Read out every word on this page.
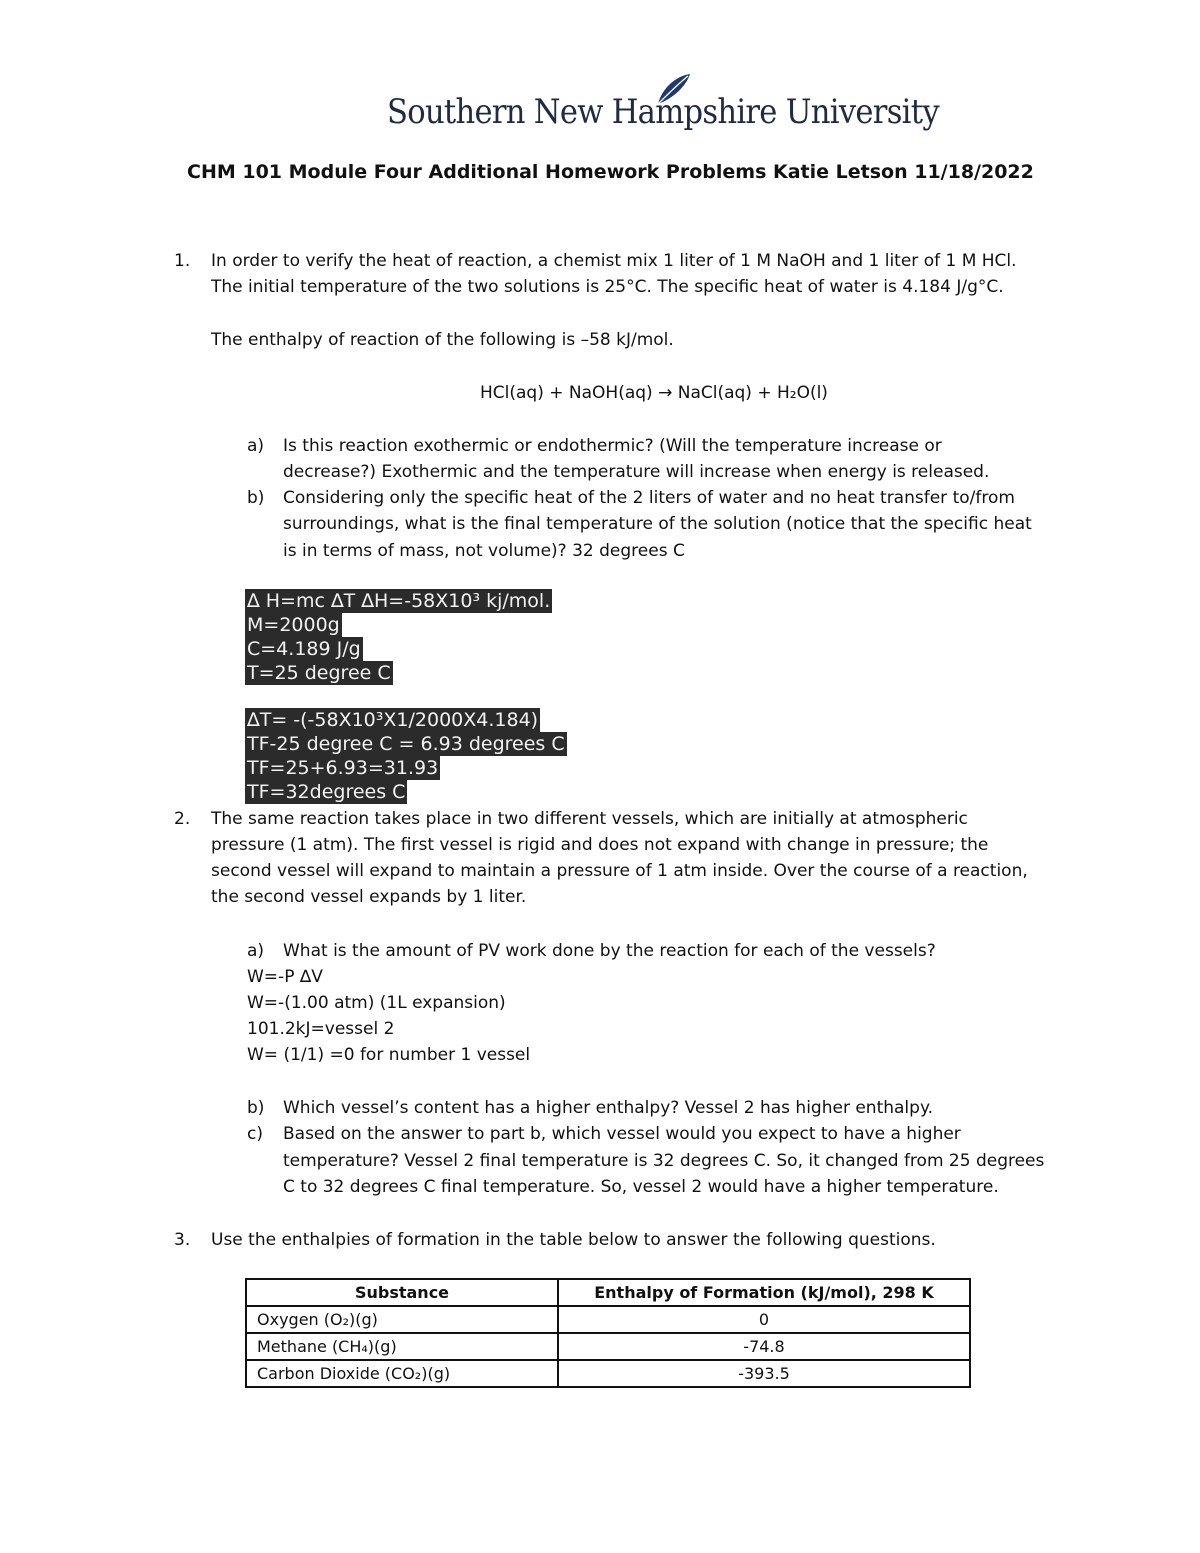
Southern New Hampshire University
CHM 101 Module Four Additional Homework Problems Katie Letson 11/18/2022
1. In order to verify the heat of reaction, a chemist mix 1 liter of 1 M NaOH and 1 liter of 1 M HCl.
The initial temperature of the two solutions is 25°C. The specific heat of water is 4.184 J/g°C.
The enthalpy of reaction of the following is –58 kJ/mol.
HCl(aq) + NaOH(aq) → NaCl(aq) + H₂O(l)
a) Is this reaction exothermic or endothermic? (Will the temperature increase or
decrease?) Exothermic and the temperature will increase when energy is released.
b) Considering only the specific heat of the 2 liters of water and no heat transfer to/from
surroundings, what is the final temperature of the solution (notice that the specific heat
is in terms of mass, not volume)? 32 degrees C
∆ H=mc ∆T ∆H=-58X10³ kj/mol.
M=2000g
C=4.189 J/g
T=25 degree C
∆T= -(-58X10³X1/2000X4.184)
TF-25 degree C = 6.93 degrees C
TF=25+6.93=31.93
TF=32degrees C
2. The same reaction takes place in two different vessels, which are initially at atmospheric
pressure (1 atm). The first vessel is rigid and does not expand with change in pressure; the
second vessel will expand to maintain a pressure of 1 atm inside. Over the course of a reaction,
the second vessel expands by 1 liter.
a) What is the amount of PV work done by the reaction for each of the vessels?
W=-P ∆V
W=-(1.00 atm) (1L expansion)
101.2kJ=vessel 2
W= (1/1) =0 for number 1 vessel
b) Which vessel’s content has a higher enthalpy? Vessel 2 has higher enthalpy.
c) Based on the answer to part b, which vessel would you expect to have a higher
temperature? Vessel 2 final temperature is 32 degrees C. So, it changed from 25 degrees
C to 32 degrees C final temperature. So, vessel 2 would have a higher temperature.
3. Use the enthalpies of formation in the table below to answer the following questions.
Substance	Enthalpy of Formation (kJ/mol), 298 K
Oxygen (O₂)(g)	0
Methane (CH₄)(g)	-74.8
Carbon Dioxide (CO₂)(g)	-393.5
